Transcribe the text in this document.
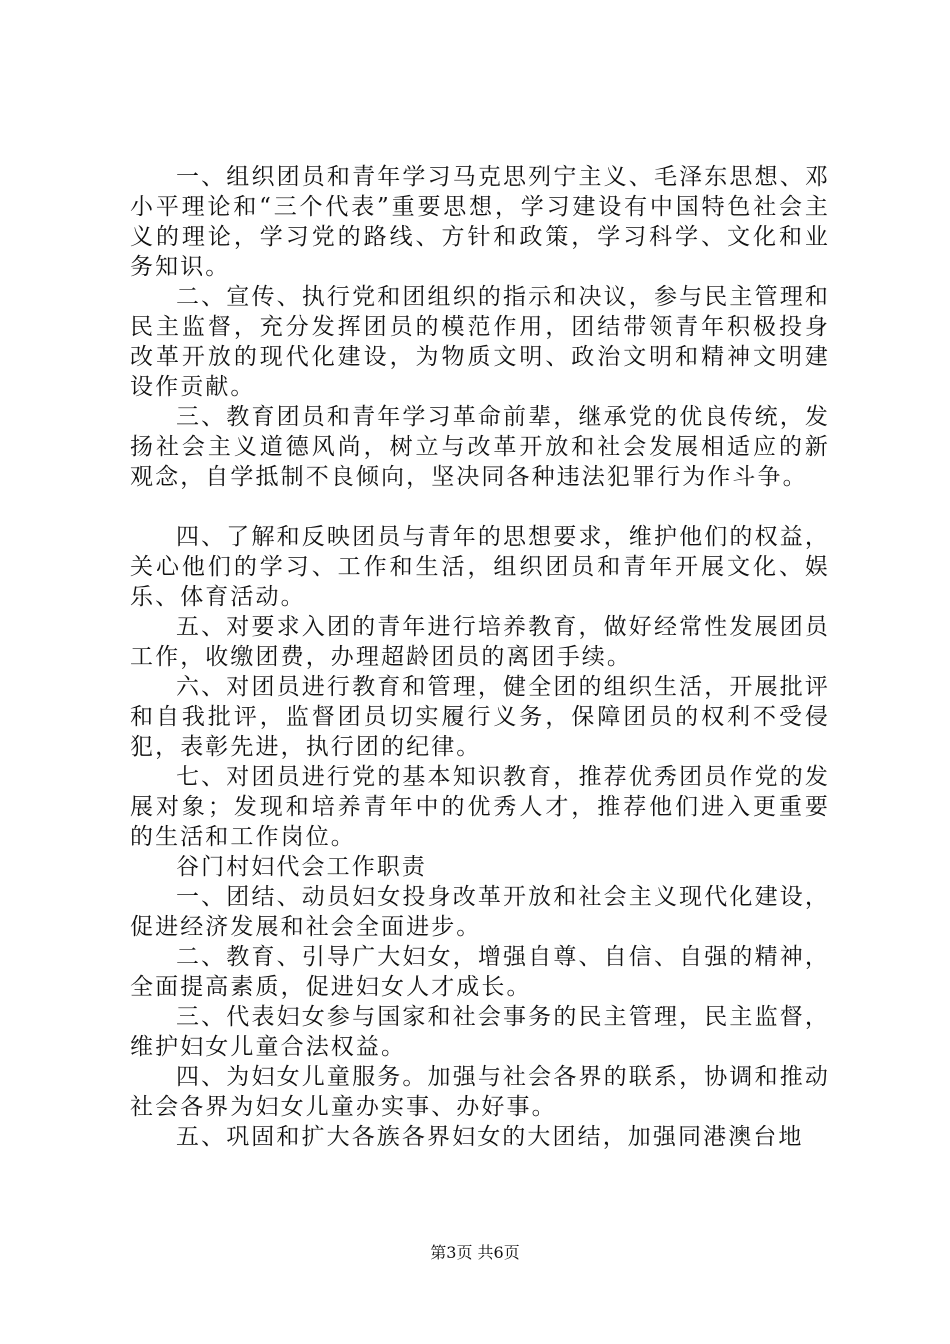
一、组织团员和青年学习马克思列宁主义、毛泽东思想、邓小平理论和“三个代表”重要思想，学习建设有中国特色社会主义的理论，学习党的路线、方针和政策，学习科学、文化和业务知识。

二、宣传、执行党和团组织的指示和决议，参与民主管理和民主监督，充分发挥团员的模范作用，团结带领青年积极投身改革开放的现代化建设，为物质文明、政治文明和精神文明建设作贡献。

三、教育团员和青年学习革命前辈，继承党的优良传统，发扬社会主义道德风尚，树立与改革开放和社会发展相适应的新观念，自学抵制不良倾向，坚决同各种违法犯罪行为作斗争。

四、了解和反映团员与青年的思想要求，维护他们的权益，关心他们的学习、工作和生活，组织团员和青年开展文化、娱乐、体育活动。

五、对要求入团的青年进行培养教育，做好经常性发展团员工作，收缴团费，办理超龄团员的离团手续。

六、对团员进行教育和管理，健全团的组织生活，开展批评和自我批评，监督团员切实履行义务，保障团员的权利不受侵犯，表彰先进，执行团的纪律。

七、对团员进行党的基本知识教育，推荐优秀团员作党的发展对象；发现和培养青年中的优秀人才，推荐他们进入更重要的生活和工作岗位。

谷门村妇代会工作职责

一、团结、动员妇女投身改革开放和社会主义现代化建设，促进经济发展和社会全面进步。

二、教育、引导广大妇女，增强自尊、自信、自强的精神，全面提高素质，促进妇女人才成长。

三、代表妇女参与国家和社会事务的民主管理，民主监督，维护妇女儿童合法权益。

四、为妇女儿童服务。加强与社会各界的联系，协调和推动社会各界为妇女儿童办实事、办好事。

五、巩固和扩大各族各界妇女的大团结，加强同港澳台地

第3页 共6页
